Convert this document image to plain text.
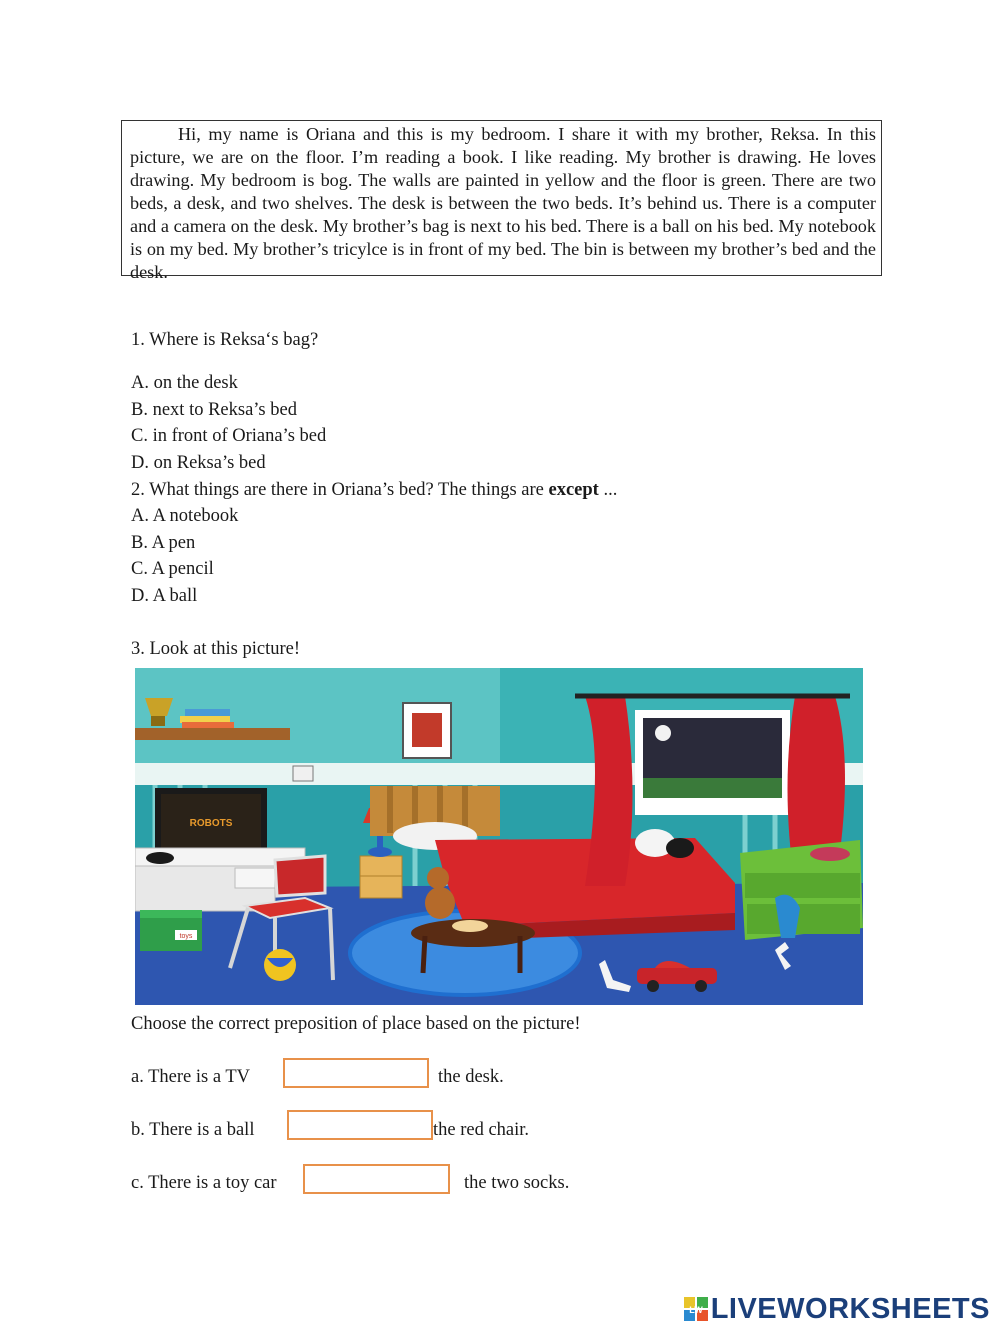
Hi, my name is Oriana and this is my bedroom. I share it with my brother, Reksa. In this picture, we are on the floor. I’m reading a book. I like reading. My brother is drawing. He loves drawing. My bedroom is bog. The walls are painted in yellow and the floor is green. There are two beds, a desk, and two shelves. The desk is between the two beds. It’s behind us. There is a computer and a camera on the desk. My brother’s bag is next to his bed. There is a ball on his bed. My notebook is on my bed. My brother’s tricylce is in front of my bed. The bin is between my brother’s bed and the desk.
1. Where is Reksa‘s bag?
A. on the desk
B. next to Reksa’s bed
C. in front of Oriana’s bed
D. on Reksa’s bed
2. What things are there in Oriana’s bed? The things are except ...
A. A notebook
B. A pen
C. A pencil
D. A ball
3. Look at this picture!
ROBOTS
toys
Choose the correct preposition of place based on the picture!
a. There is a TV	the desk.
b. There is a ball	the red chair.
c. There is a toy car	the two socks.
LW LIVEWORKSHEETS
